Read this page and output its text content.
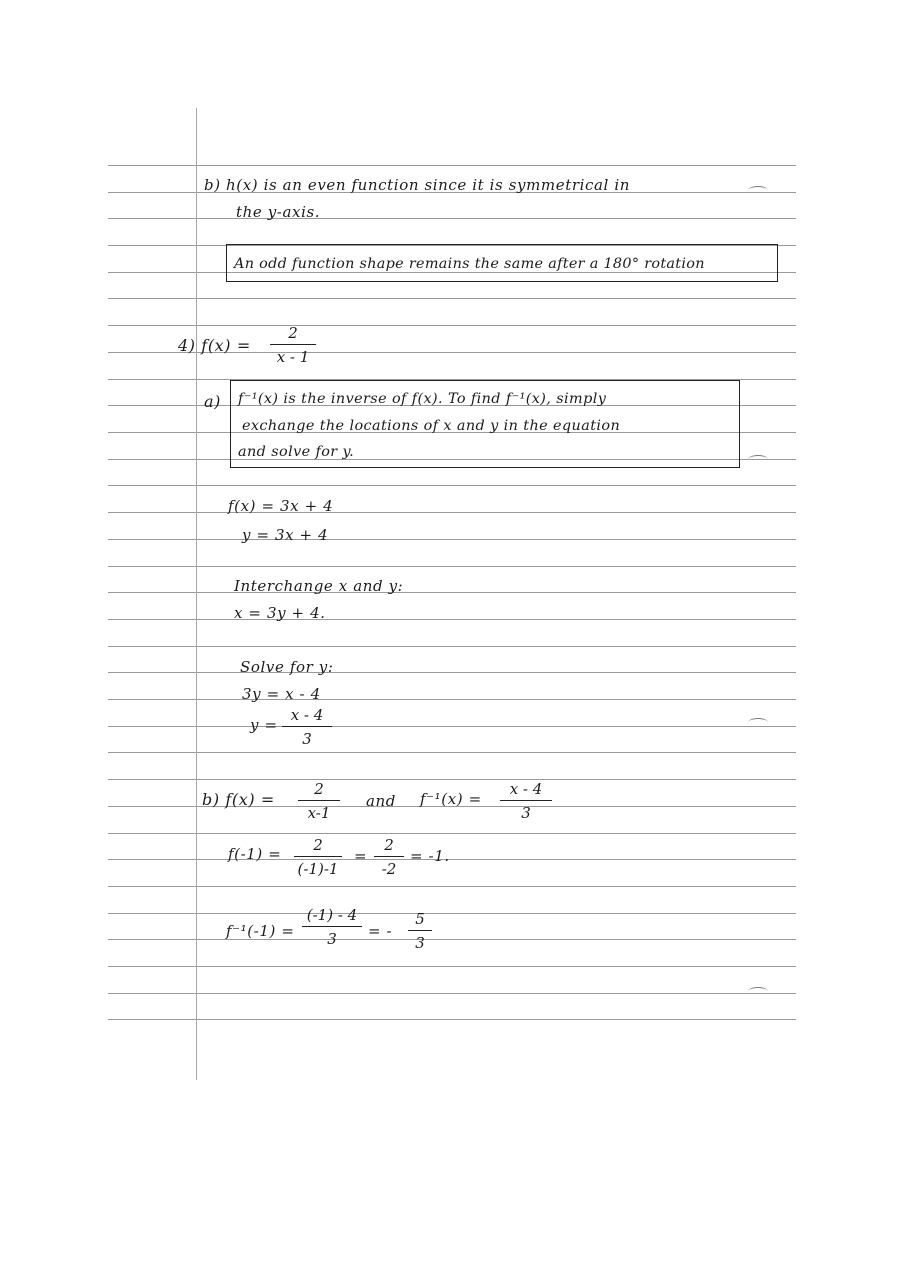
b) h(x) is an even function since it is symmetrical in
the y-axis.
An odd function shape remains the same after a 180° rotation
4) f(x) =
2
x - 1
a) f⁻¹(x) is the inverse of f(x). To find f⁻¹(x), simply
exchange the locations of x and y in the equation
and solve for y.
f(x) = 3x + 4
y = 3x + 4
Interchange x and y:
x = 3y + 4.
Solve for y:
3y = x - 4
y =
x - 4
3
b) f(x) =
2
x-1
and f⁻¹(x) =
x - 4
3
f(-1) =	2
(-1)-1
=
2
-2
= -1.
f⁻¹(-1) =
(-1) - 4
3	= -
5
3
